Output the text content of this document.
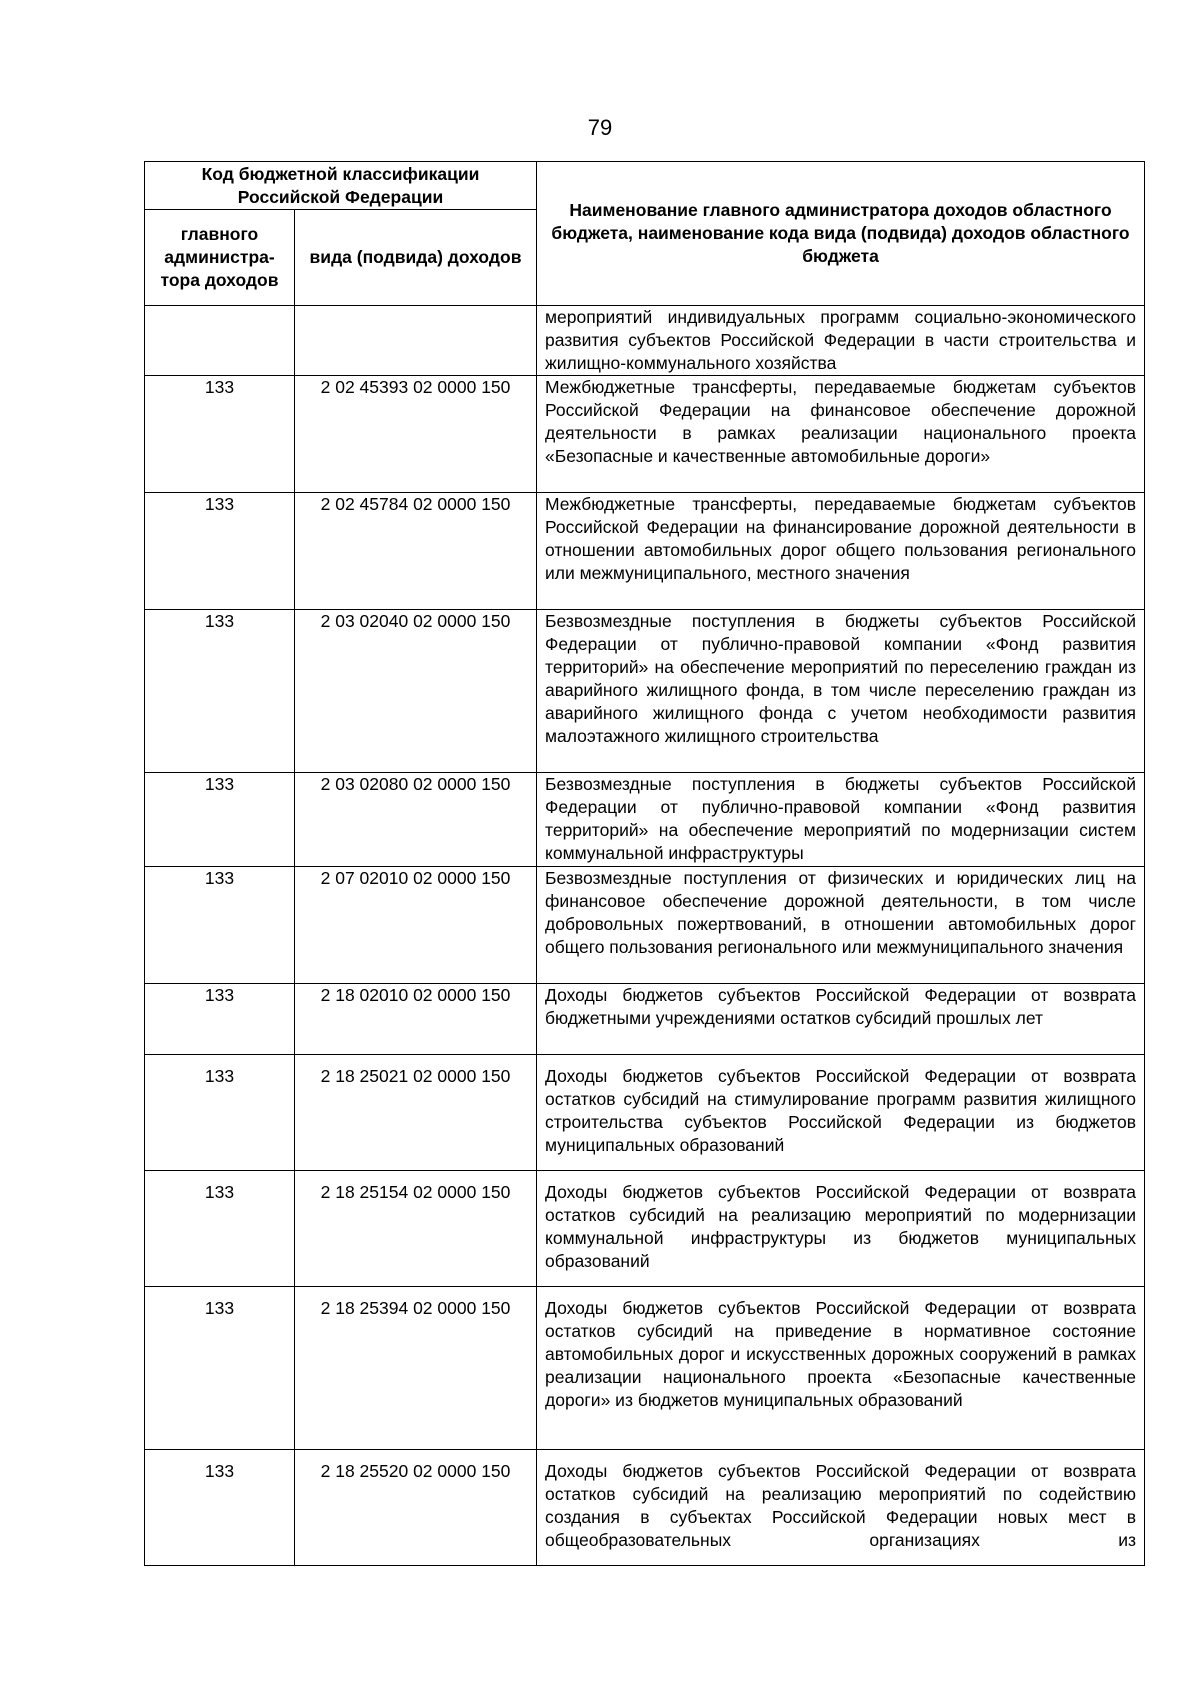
79
Код бюджетной классификации Российской Федерации		Наименование главного администратора доходов областного бюджета, наименование кода вида (подвида) доходов областного бюджета
главного администра-тора доходов	вида (подвида) доходов	
		мероприятий индивидуальных программ социально-экономического развития субъектов Российской Федерации в части строительства и жилищно-коммунального хозяйства
133	2 02 45393 02 0000 150	Межбюджетные трансферты, передаваемые бюджетам субъектов Российской Федерации на финансовое обеспечение дорожной деятельности в рамках реализации национального проекта «Безопасные и качественные автомобильные дороги»
133	2 02 45784 02 0000 150	Межбюджетные трансферты, передаваемые бюджетам субъектов Российской Федерации на финансирование дорожной деятельности в отношении автомобильных дорог общего пользования регионального или межмуниципального, местного значения
133	2 03 02040 02 0000 150	Безвозмездные поступления в бюджеты субъектов Российской Федерации от публично-правовой компании «Фонд развития территорий» на обеспечение мероприятий по переселению граждан из аварийного жилищного фонда, в том числе переселению граждан из аварийного жилищного фонда с учетом необходимости развития малоэтажного жилищного строительства
133	2 03 02080 02 0000 150	Безвозмездные поступления в бюджеты субъектов Российской Федерации от публично-правовой компании «Фонд развития территорий» на обеспечение мероприятий по модернизации систем коммунальной инфраструктуры
133	2 07 02010 02 0000 150	Безвозмездные поступления от физических и юридических лиц на финансовое обеспечение дорожной деятельности, в том числе добровольных пожертвований, в отношении автомобильных дорог общего пользования регионального или межмуниципального значения
133	2 18 02010 02 0000 150	Доходы бюджетов субъектов Российской Федерации от возврата бюджетными учреждениями остатков субсидий прошлых лет
133	2 18 25021 02 0000 150	Доходы бюджетов субъектов Российской Федерации от возврата остатков субсидий на стимулирование программ развития жилищного строительства субъектов Российской Федерации из бюджетов муниципальных образований
133	2 18 25154 02 0000 150	Доходы бюджетов субъектов Российской Федерации от возврата остатков субсидий на реализацию мероприятий по модернизации коммунальной инфраструктуры из бюджетов муниципальных образований
133	2 18 25394 02 0000 150	Доходы бюджетов субъектов Российской Федерации от возврата остатков субсидий на приведение в нормативное состояние автомобильных дорог и искусственных дорожных сооружений в рамках реализации национального проекта «Безопасные качественные дороги» из бюджетов муниципальных образований
133	2 18 25520 02 0000 150	Доходы бюджетов субъектов Российской Федерации от возврата остатков субсидий на реализацию мероприятий по содействию создания в субъектах Российской Федерации новых мест в общеобразовательных организациях из
